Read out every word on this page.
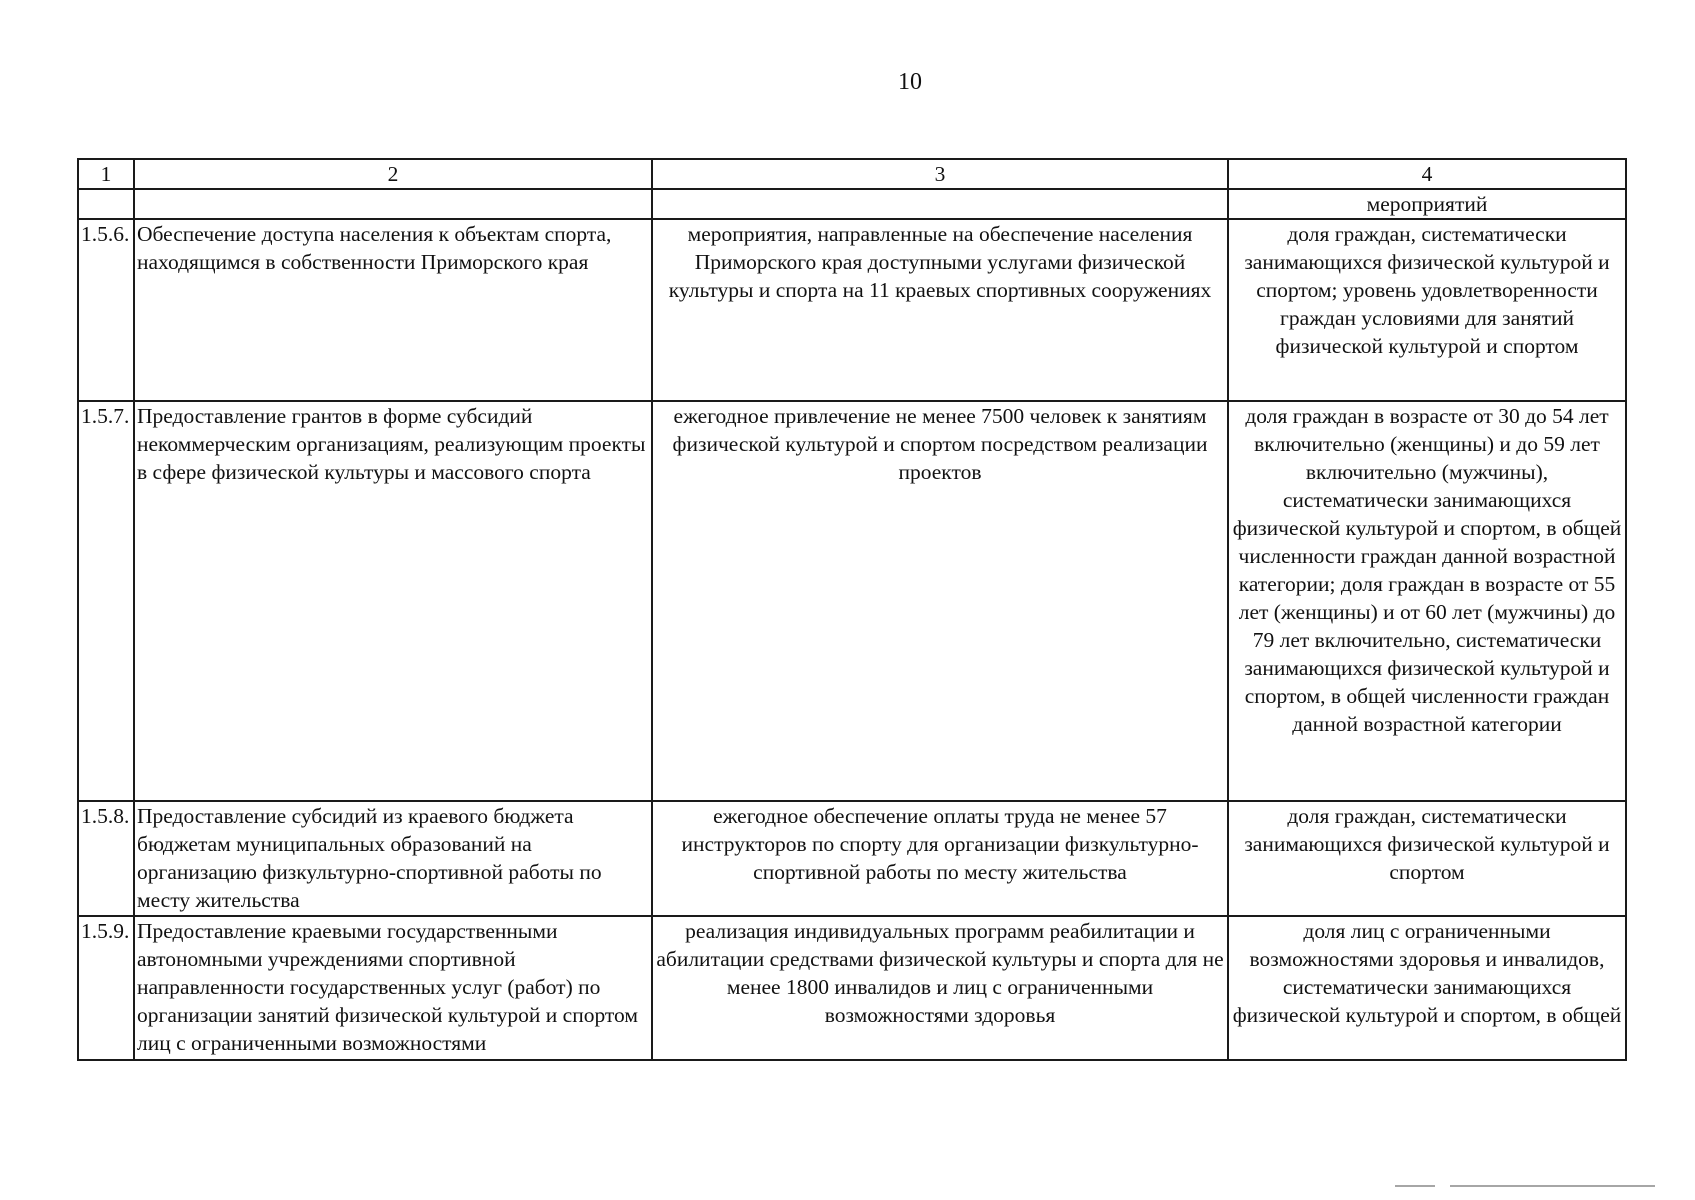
10
1	2	3	4
			мероприятий
1.5.6.	Обеспечение доступа населения к объектам спорта, находящимся в собственности Приморского края	мероприятия, направленные на обеспечение населения Приморского края доступными услугами физической культуры и спорта на 11 краевых спортивных сооружениях	доля граждан, систематически занимающихся физической культурой и спортом; уровень удовлетворенности граждан условиями для занятий физической культурой и спортом
1.5.7.	Предоставление грантов в форме субсидий некоммерческим организациям, реализующим проекты в сфере физической культуры и массового спорта	ежегодное привлечение не менее 7500 человек к занятиям физической культурой и спортом посредством реализации проектов	доля граждан в возрасте от 30 до 54 лет включительно (женщины) и до 59 лет включительно (мужчины), систематически занимающихся физической культурой и спортом, в общей численности граждан данной возрастной категории; доля граждан в возрасте от 55 лет (женщины) и от 60 лет (мужчины) до 79 лет включительно, систематически занимающихся физической культурой и спортом, в общей численности граждан данной возрастной категории
1.5.8.	Предоставление субсидий из краевого бюджета бюджетам муниципальных образований на организацию физкультурно-спортивной работы по месту жительства	ежегодное обеспечение оплаты труда не менее 57 инструкторов по спорту для организации физкультурно-спортивной работы по месту жительства	доля граждан, систематически занимающихся физической культурой и спортом
1.5.9.	Предоставление краевыми государственными автономными учреждениями спортивной направленности государственных услуг (работ) по организации занятий физической культурой и спортом лиц с ограниченными возможностями	реализация индивидуальных программ реабилитации и абилитации средствами физической культуры и спорта для не менее 1800 инвалидов и лиц с ограниченными возможностями здоровья	доля лиц с ограниченными возможностями здоровья и инвалидов, систематически занимающихся физической культурой и спортом, в общей
